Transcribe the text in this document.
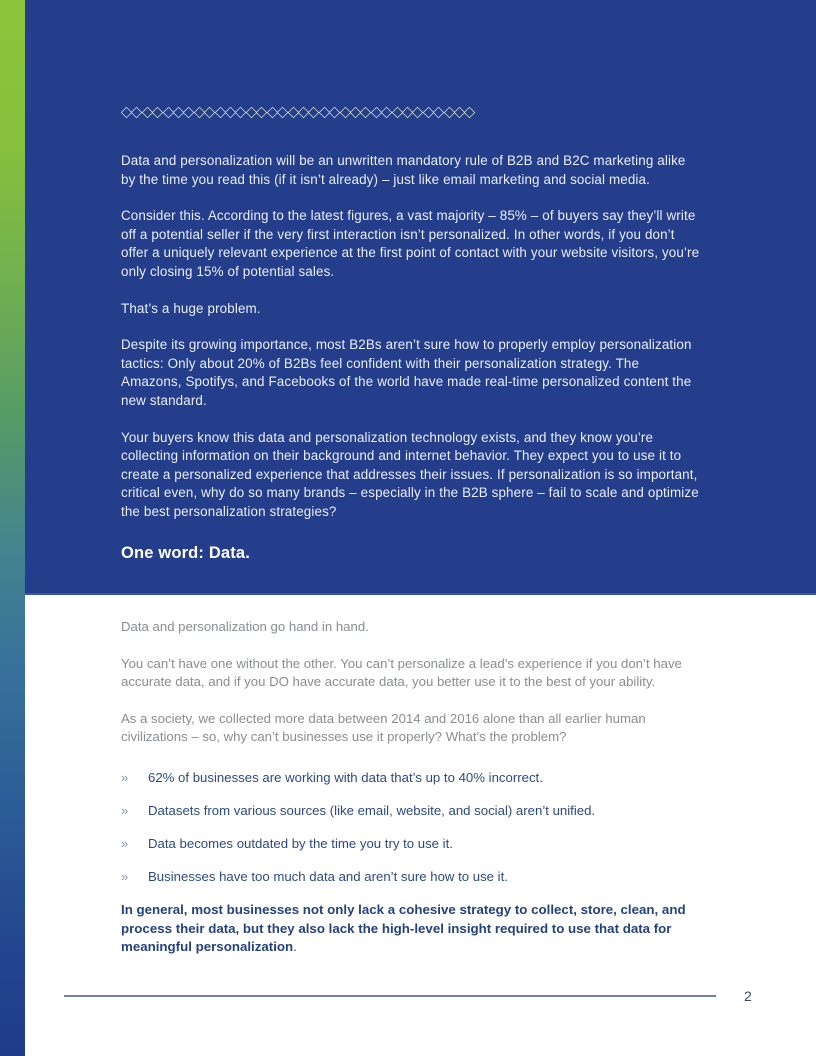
Data and personalization will be an unwritten mandatory rule of B2B and B2C marketing alike by the time you read this (if it isn’t already) – just like email marketing and social media.

Consider this. According to the latest figures, a vast majority – 85% – of buyers say they’ll write off a potential seller if the very first interaction isn’t personalized. In other words, if you don’t offer a uniquely relevant experience at the first point of contact with your website visitors, you’re only closing 15% of potential sales.

That’s a huge problem.

Despite its growing importance, most B2Bs aren’t sure how to properly employ personalization tactics: Only about 20% of B2Bs feel confident with their personalization strategy. The Amazons, Spotifys, and Facebooks of the world have made real-time personalized content the new standard.

Your buyers know this data and personalization technology exists, and they know you’re collecting information on their background and internet behavior. They expect you to use it to create a personalized experience that addresses their issues. If personalization is so important, critical even, why do so many brands – especially in the B2B sphere – fail to scale and optimize the best personalization strategies?

One word: Data.

Data and personalization go hand in hand.

You can’t have one without the other. You can’t personalize a lead’s experience if you don’t have accurate data, and if you DO have accurate data, you better use it to the best of your ability.

As a society, we collected more data between 2014 and 2016 alone than all earlier human civilizations – so, why can’t businesses use it properly? What’s the problem?

» 62% of businesses are working with data that’s up to 40% incorrect.
» Datasets from various sources (like email, website, and social) aren’t unified.
» Data becomes outdated by the time you try to use it.
» Businesses have too much data and aren’t sure how to use it.

In general, most businesses not only lack a cohesive strategy to collect, store, clean, and process their data, but they also lack the high-level insight required to use that data for meaningful personalization.

2
